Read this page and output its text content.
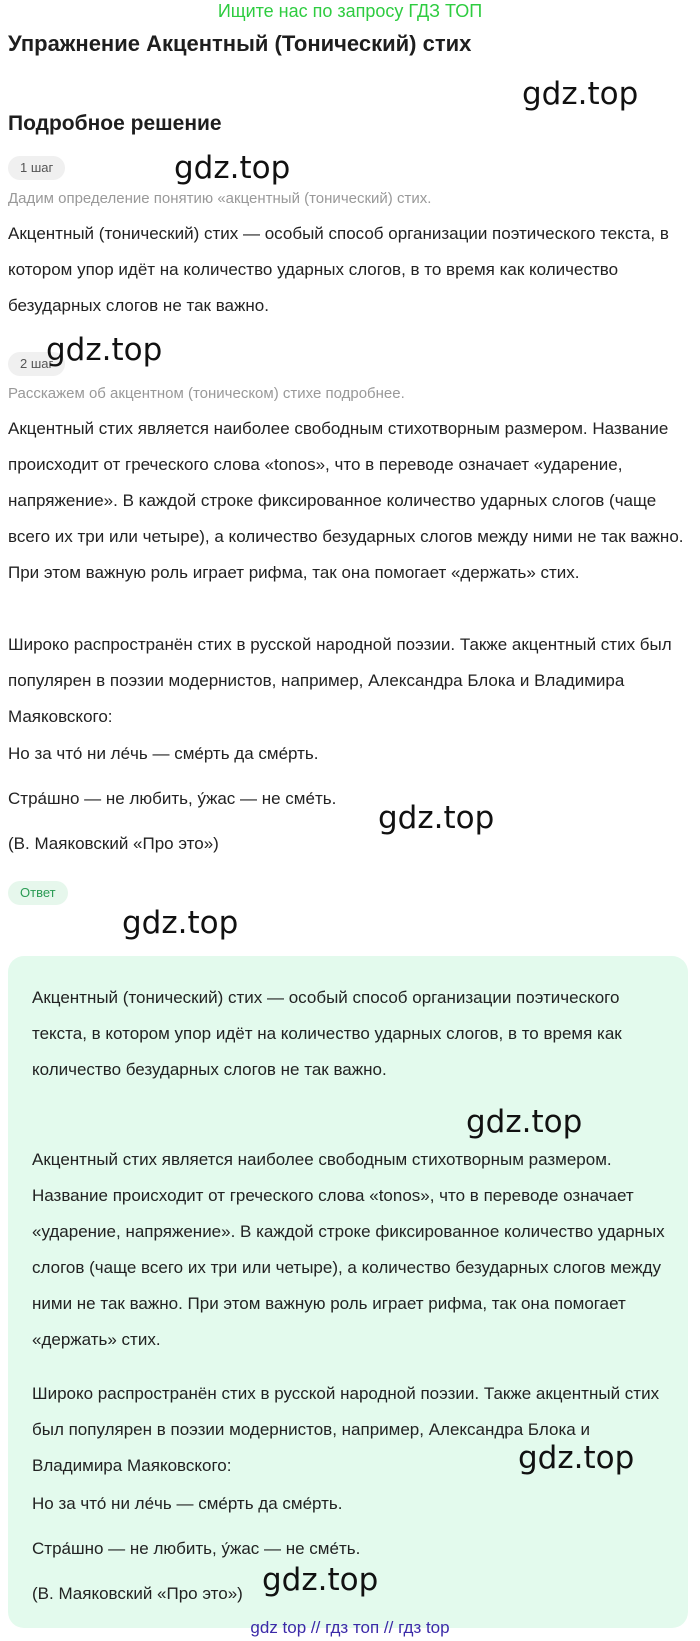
Ищите нас по запросу ГДЗ ТОП
Упражнение Акцентный (Тонический) стих
Подробное решение
1 шаг

Дадим определение понятию «акцентный (тонический) стих.

Акцентный (тонический) стих — особый способ организации поэтического текста, в котором упор идёт на количество ударных слогов, в то время как количество безударных слогов не так важно.

2 шаг

Расскажем об акцентном (тоническом) стихе подробнее.

Акцентный стих является наиболее свободным стихотворным размером. Название происходит от греческого слова «tonos», что в переводе означает «ударение, напряжение». В каждой строке фиксированное количество ударных слогов (чаще всего их три или четыре), а количество безударных слогов между ними не так важно. При этом важную роль играет рифма, так она помогает «держать» стих.

Широко распространён стих в русской народной поэзии. Также акцентный стих был популярен в поэзии модернистов, например, Александра Блока и Владимира Маяковского:

Но за что́ ни ле́чь — сме́рть да сме́рть.

Стра́шно — не любить, у́жас — не сме́ть.

(В. Маяковский «Про это»)

Ответ

Акцентный (тонический) стих — особый способ организации поэтического текста, в котором упор идёт на количество ударных слогов, в то время как количество безударных слогов не так важно.

Акцентный стих является наиболее свободным стихотворным размером. Название происходит от греческого слова «tonos», что в переводе означает «ударение, напряжение». В каждой строке фиксированное количество ударных слогов (чаще всего их три или четыре), а количество безударных слогов между ними не так важно. При этом важную роль играет рифма, так она помогает «держать» стих.

Широко распространён стих в русской народной поэзии. Также акцентный стих был популярен в поэзии модернистов, например, Александра Блока и Владимира Маяковского:

Но за что́ ни ле́чь — сме́рть да сме́рть.

Стра́шно — не любить, у́жас — не сме́ть.

(В. Маяковский «Про это»)

gdz.top
gdz.top
gdz.top
gdz.top
gdz.top
gdz.top
gdz.top
gdz.top
gdz top // гдз топ // гдз top
